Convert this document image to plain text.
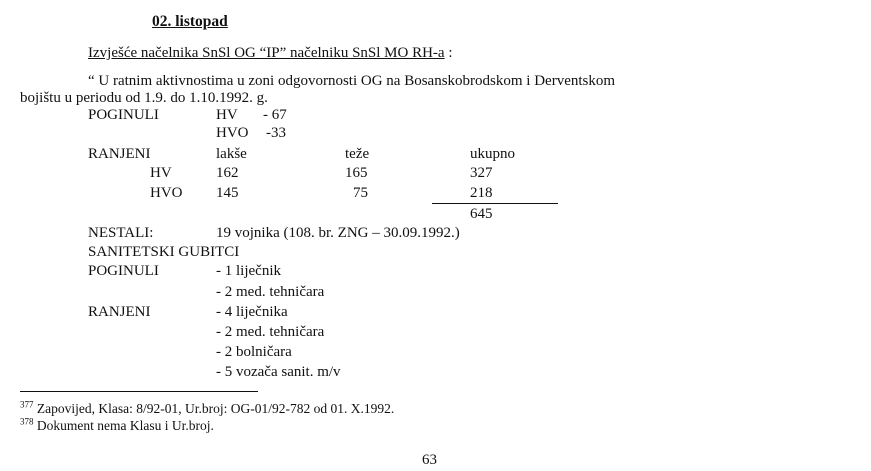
02. listopad
Izvješće načelnika SnSl OG “IP” načelniku SnSl MO RH-a :
“ U ratnim aktivnostima u zoni odgovornosti OG na Bosanskobrodskom i Derventskom
bojištu u periodu od 1.9. do 1.10.1992. g.
POGINULI	HV - 67
HVO -33
RANJENI	lakše	teže	ukupno
HV	162	165	327
HVO 145	75	218
645
NESTALI:	19 vojnika (108. br. ZNG – 30.09.1992.)
SANITETSKI GUBITCI
POGINULI	- 1 liječnik
- 2 med. tehničara
RANJENI	- 4 liječnika
- 2 med. tehničara
- 2 bolničara
- 5 vozača sanit. m/v
$^{377}$ Zapovijed, Klasa: 8/92-01, Ur.broj: OG-01/92-782 od 01. X.1992.
$^{378}$ Dokument nema Klasu i Ur.broj.
63
